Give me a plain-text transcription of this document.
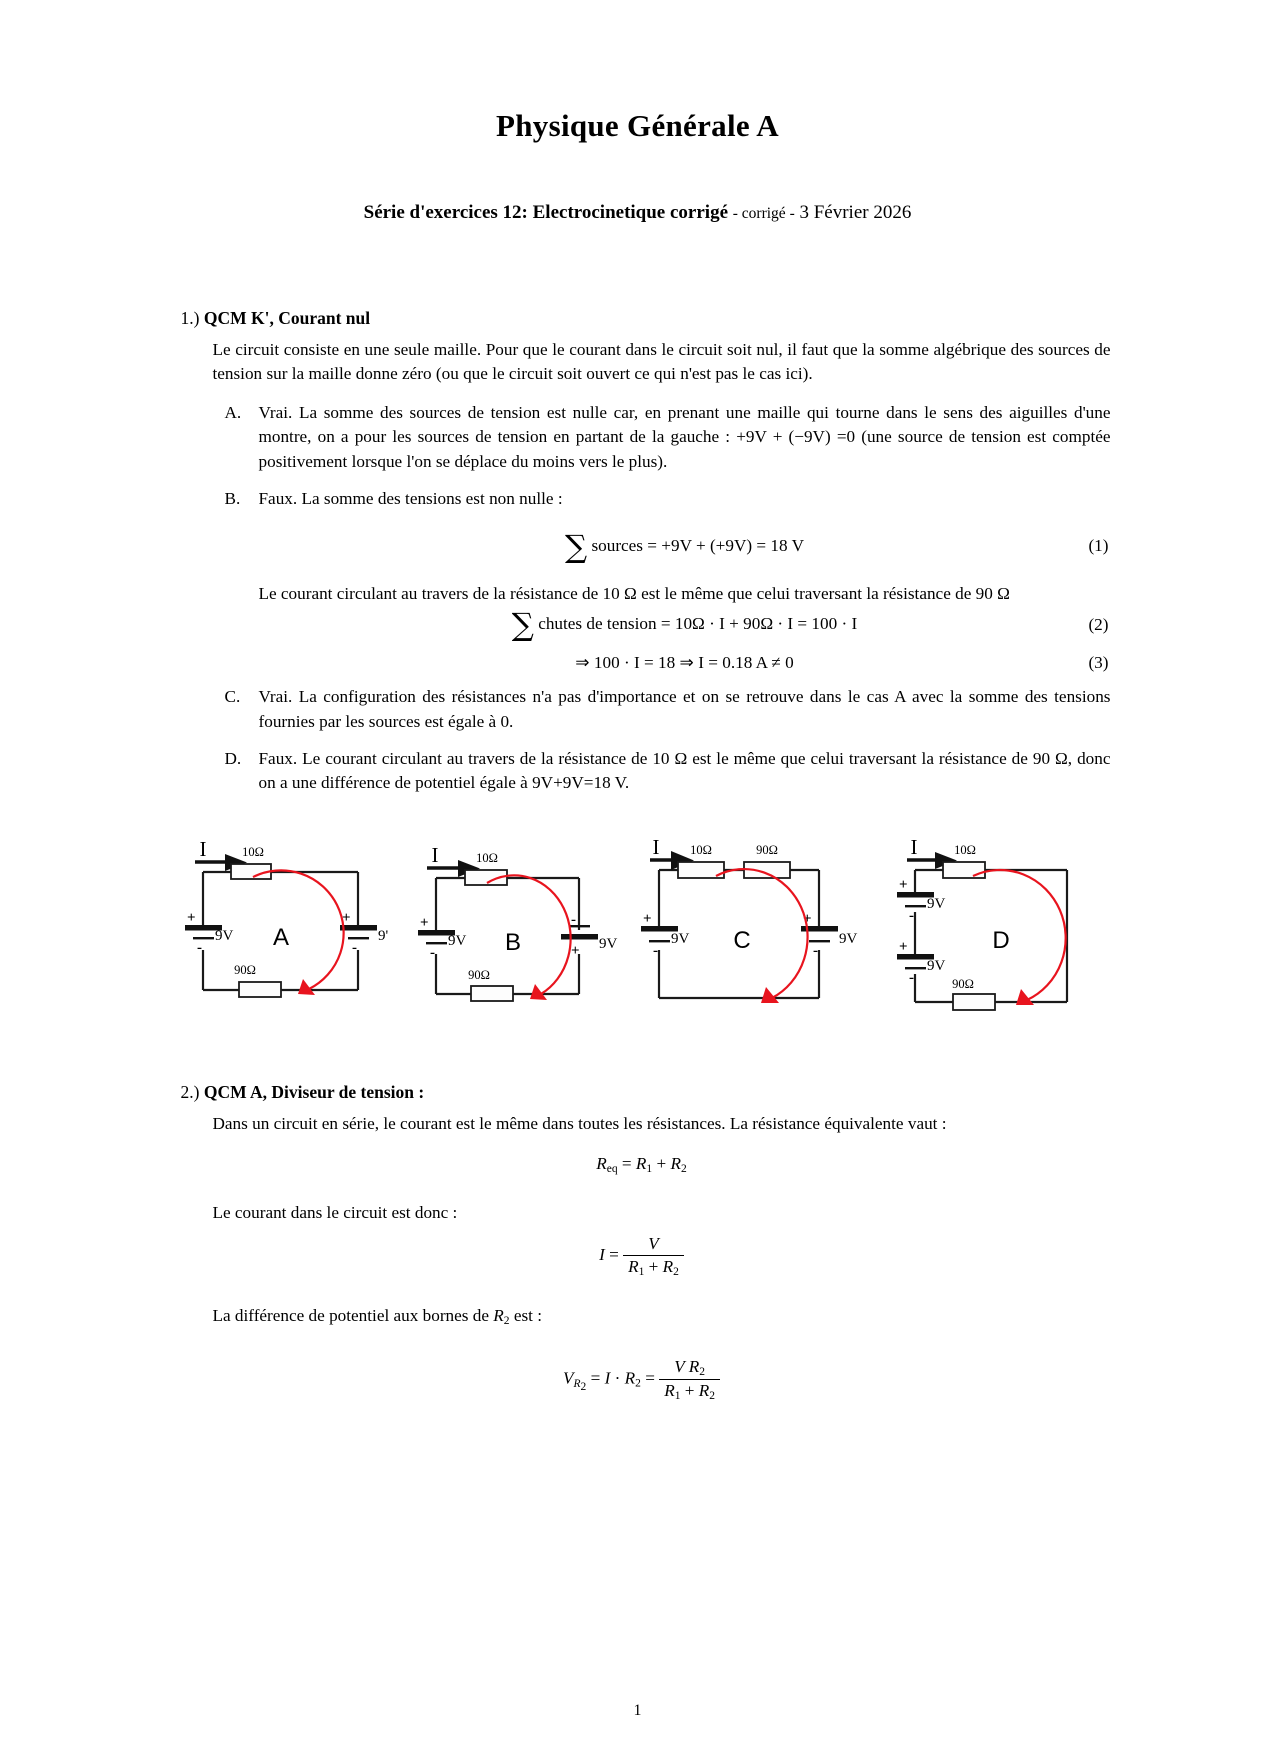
Physique Générale A
Série d'exercices 12: Electrocinetique corrigé - corrigé - 3 Février 2026
1.) QCM K', Courant nul
Le circuit consiste en une seule maille. Pour que le courant dans le circuit soit nul, il faut que la somme algébrique des sources de tension sur la maille donne zéro (ou que le circuit soit ouvert ce qui n'est pas le cas ici).
A.	Vrai. La somme des sources de tension est nulle car, en prenant une maille qui tourne dans le sens des aiguilles d'une montre, on a pour les sources de tension en partant de la gauche : +9V + (−9V) =0 (une source de tension est comptée positivement lorsque l'on se déplace du moins vers le plus).
B.	Faux. La somme des tensions est non nulle :
∑ sources = +9V + (+9V) = 18 V	(1)
Le courant circulant au travers de la résistance de 10 Ω est le même que celui traversant la résistance de 90 Ω
∑ chutes de tension = 10Ω · I + 90Ω · I = 100 · I	(2)
⇒ 100 · I = 18 ⇒ I = 0.18 A ≠ 0	(3)
C.	Vrai. La configuration des résistances n'a pas d'importance et on se retrouve dans le cas A avec la somme des tensions fournies par les sources est égale à 0.
D.	Faux. Le courant circulant au travers de la résistance de 10 Ω est le même que celui traversant la résistance de 90 Ω, donc on a une différence de potentiel égale à 9V+9V=18 V.
I	10Ω
90Ω
+
-
9V
+
-
9'
A
I	10Ω
90Ω
+
-
9V
-
+ 9V
B
I 10Ω	90Ω
+
-
9V
+
-
9V
C
I	10Ω
90Ω
+
-
9V
+
-
9V
D
2.) QCM A, Diviseur de tension :
Dans un circuit en série, le courant est le même dans toutes les résistances. La résistance équivalente vaut :
$R_{eq} = R_1 + R_2$
Le courant dans le circuit est donc :
$I = \frac{V}{R_1 + R_2}$
La différence de potentiel aux bornes de $R_2$ est :
$V_{R_2} = I \cdot R_2 = \frac{V R_2}{R_1 + R_2}$
1
